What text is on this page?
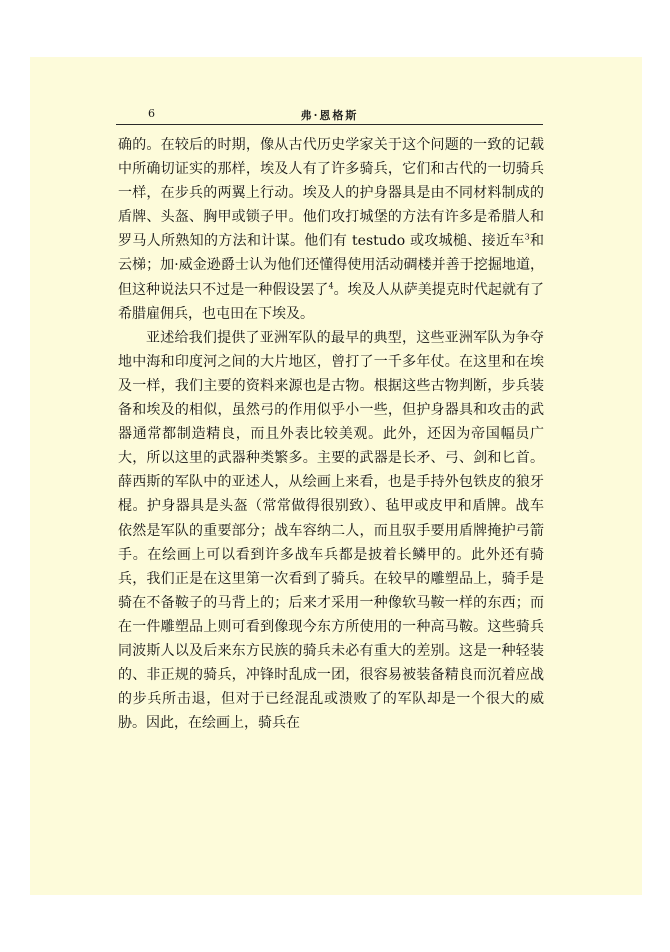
6	弗·恩格斯

确的。在较后的时期，像从古代历史学家关于这个问题的一致的记载中所确切证实的那样，埃及人有了许多骑兵，它们和古代的一切骑兵一样，在步兵的两翼上行动。埃及人的护身器具是由不同材料制成的盾牌、头盔、胸甲或锁子甲。他们攻打城堡的方法有许多是希腊人和罗马人所熟知的方法和计谋。他们有 testudo 或攻城槌、接近车$^3$和云梯；加·威金逊爵士认为他们还懂得使用活动碉楼并善于挖掘地道，但这种说法只不过是一种假设罢了$^4$。埃及人从萨美提克时代起就有了希腊雇佣兵，也屯田在下埃及。

亚述给我们提供了亚洲军队的最早的典型，这些亚洲军队为争夺地中海和印度河之间的大片地区，曾打了一千多年仗。在这里和在埃及一样，我们主要的资料来源也是古物。根据这些古物判断，步兵装备和埃及的相似，虽然弓的作用似乎小一些，但护身器具和攻击的武器通常都制造精良，而且外表比较美观。此外，还因为帝国幅员广大，所以这里的武器种类繁多。主要的武器是长矛、弓、剑和匕首。薛西斯的军队中的亚述人，从绘画上来看，也是手持外包铁皮的狼牙棍。护身器具是头盔（常常做得很别致）、毡甲或皮甲和盾牌。战车依然是军队的重要部分；战车容纳二人，而且驭手要用盾牌掩护弓箭手。在绘画上可以看到许多战车兵都是披着长鳞甲的。此外还有骑兵，我们正是在这里第一次看到了骑兵。在较早的雕塑品上，骑手是骑在不备鞍子的马背上的；后来才采用一种像软马鞍一样的东西；而在一件雕塑品上则可看到像现今东方所使用的一种高马鞍。这些骑兵同波斯人以及后来东方民族的骑兵未必有重大的差别。这是一种轻装的、非正规的骑兵，冲锋时乱成一团，很容易被装备精良而沉着应战的步兵所击退，但对于已经混乱或溃败了的军队却是一个很大的威胁。因此，在绘画上，骑兵在
